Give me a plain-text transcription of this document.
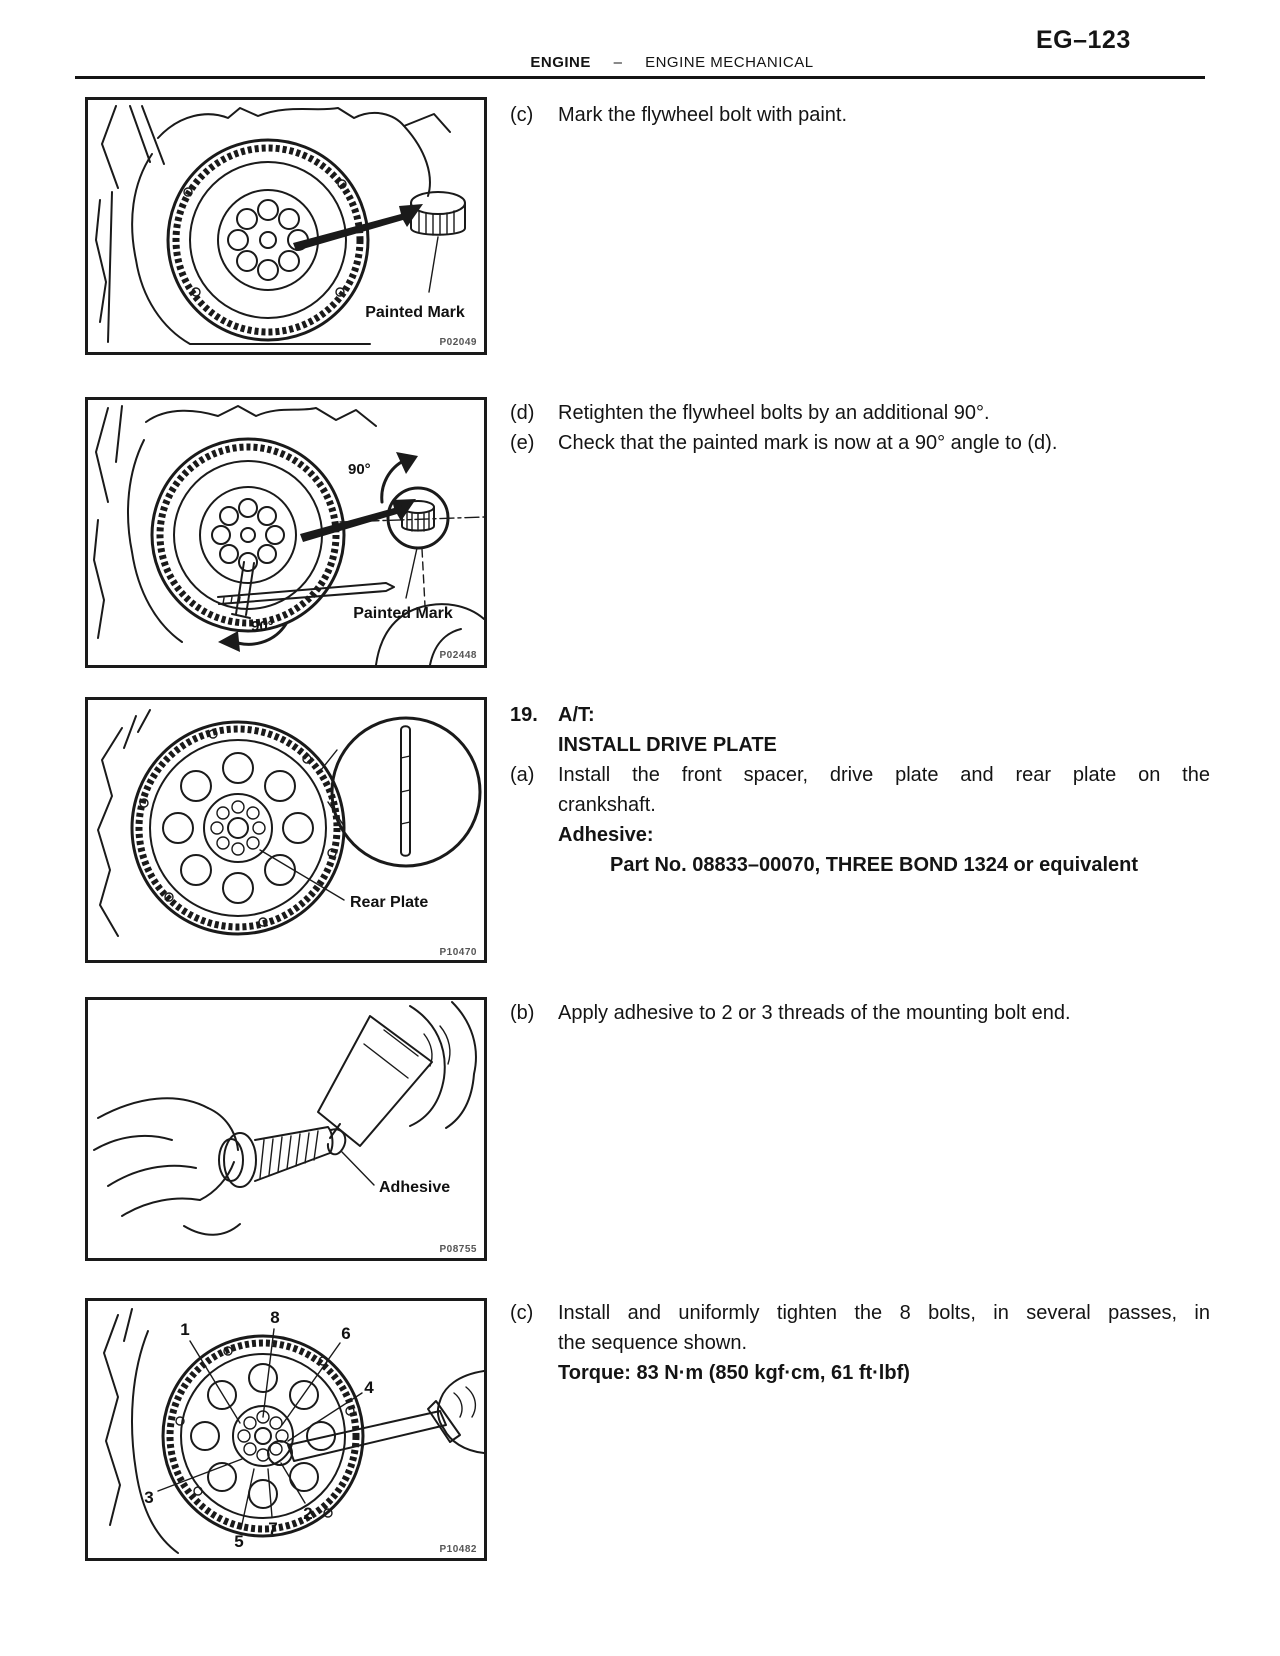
EG–123
ENGINE – ENGINE MECHANICAL
Painted Mark
P02049
90°
Painted Mark
90°
P02448
Rear Plate
P10470
Adhesive
P08755
1
8
6
4
2
7
5
3
P10482
(c)	Mark the flywheel bolt with paint.
(d)	Retighten the flywheel bolts by an additional 90°.
(e)	Check that the painted mark is now at a 90° angle to (d).
19.	A/T:
INSTALL DRIVE PLATE
(a)	Install the front spacer, drive plate and rear plate on the
crankshaft.
Adhesive:
Part No. 08833–00070, THREE BOND 1324 or equivalent
(b)	Apply adhesive to 2 or 3 threads of the mounting bolt end.
(c)	Install and uniformly tighten the 8 bolts, in several passes, in
the sequence shown.
Torque: 83 N·m (850 kgf·cm, 61 ft·lbf)
